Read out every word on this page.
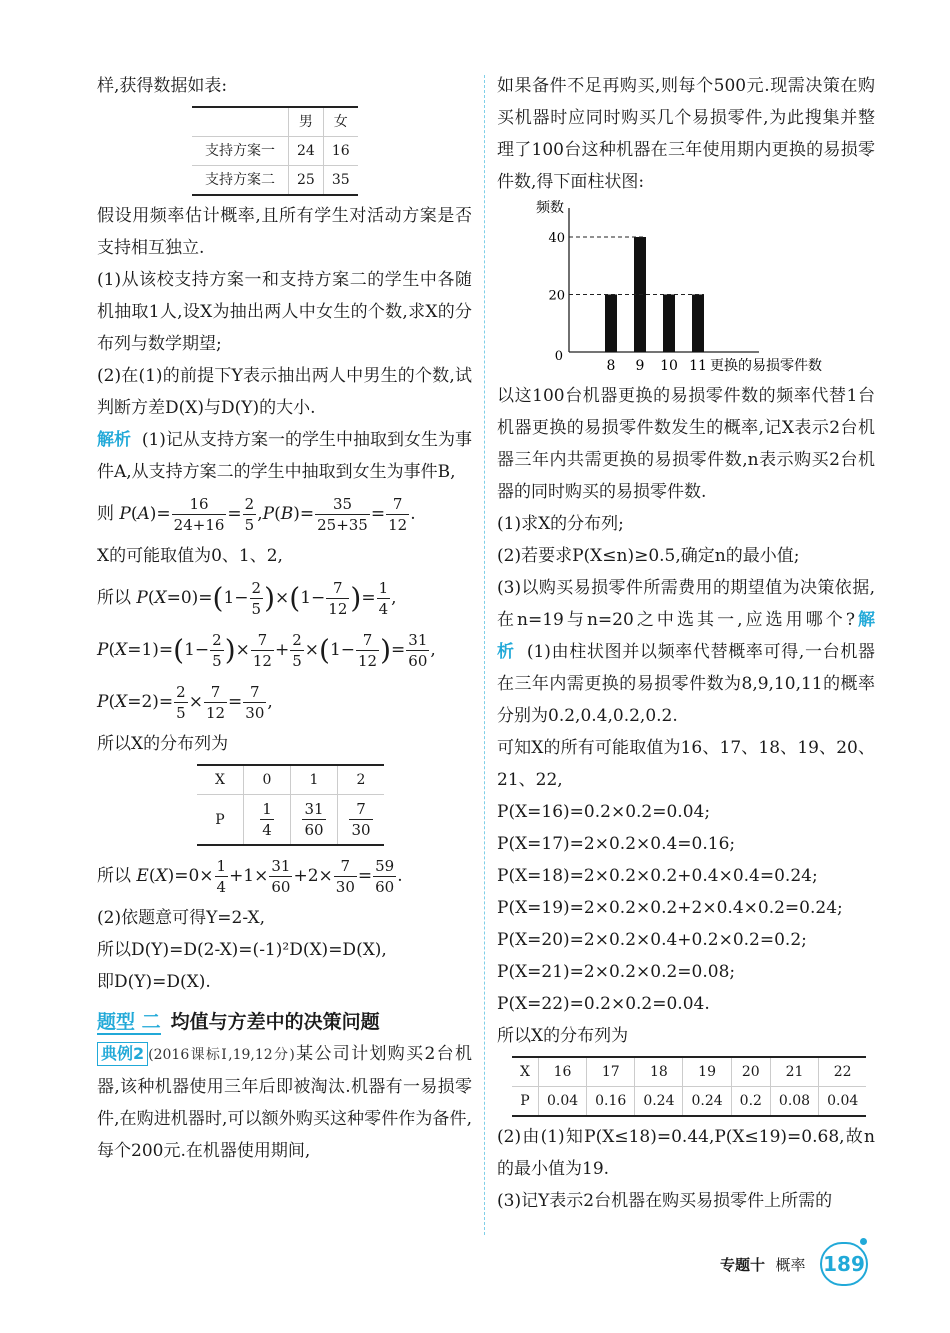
样,获得数据如表:

	男	女
支持方案一	24	16
支持方案二	25	35

假设用频率估计概率,且所有学生对活动方案是否支持相互独立.

(1)从该校支持方案一和支持方案二的学生中各随机抽取1人,设X为抽出两人中女生的个数,求X的分布列与数学期望;

(2)在(1)的前提下Y表示抽出两人中男生的个数,试判断方差D(X)与D(Y)的大小.

解析 (1)记从支持方案一的学生中抽取到女生为事件A,从支持方案二的学生中抽取到女生为事件B,

则 $P(A)= \frac{16}{24+16} = \frac{2}{5} ,P(B)= \frac{35}{25+35} = \frac{7}{12}$ .

X的可能取值为0、1、2,

所以 $P(X=0)=(1- \frac{2}{5} )\times(1- \frac{7}{12}$ )= $\frac{1}{4}$ ,
$P(X=1)=(1- \frac{2}{5}$ )× $\frac{7}{12} + \frac{2}{5} \times(1- \frac{7}{12}$ )= $\frac{31}{60}$ ,
$P(X=2)= \frac{2}{5} \times \frac{7}{12} = \frac{7}{30}$ ,

所以X的分布列为

X	0	1	2
P	$\frac{1}{4}$	$\frac{31}{60}$	$\frac{7}{30}$
所以 $E(X)=0\times \frac{1}{4} +1\times \frac{31}{60} +2\times \frac{7}{30} = \frac{59}{60}$ .

(2)依题意可得Y=2-X,

所以D(Y)=D(2-X)=(-1)²D(X)=D(X),

即D(Y)=D(X).

题型 二 均值与方差中的决策问题

典例2 (2016课标Ⅰ,19,12分)某公司计划购买2台机器,该种机器使用三年后即被淘汰.机器有一易损零件,在购进机器时,可以额外购买这种零件作为备件,每个200元.在机器使用期间,

如果备件不足再购买,则每个500元.现需决策在购买机器时应同时购买几个易损零件,为此搜集并整理了100台这种机器在三年使用期内更换的易损零件数,得下面柱状图:

频数
0
20
40
8 9 10 11 更换的易损零件数

以这100台机器更换的易损零件数的频率代替1台机器更换的易损零件数发生的概率,记X表示2台机器三年内共需更换的易损零件数,n表示购买2台机器的同时购买的易损零件数.

(1)求X的分布列;

(2)若要求P(X≤n)≥0.5,确定n的最小值;

(3)以购买易损零件所需费用的期望值为决策依据,在n=19与n=20之中选其一,应选用哪个?解析 (1)由柱状图并以频率代替概率可得,一台机器在三年内需更换的易损零件数为8,9,10,11的概率分别为0.2,0.4,0.2,0.2.

可知X的所有可能取值为16、17、18、19、20、21、22,

P(X=16)=0.2×0.2=0.04;

P(X=17)=2×0.2×0.4=0.16;

P(X=18)=2×0.2×0.2+0.4×0.4=0.24;

P(X=19)=2×0.2×0.2+2×0.4×0.2=0.24;

P(X=20)=2×0.2×0.4+0.2×0.2=0.2;

P(X=21)=2×0.2×0.2=0.08;

P(X=22)=0.2×0.2=0.04.

所以X的分布列为

X	16	17	18	19	20	21	22
P	0.04	0.16	0.24	0.24	0.2	0.08	0.04

(2)由(1)知P(X≤18)=0.44,P(X≤19)=0.68,故n的最小值为19.

(3)记Y表示2台机器在购买易损零件上所需的

专题十 概率 189
